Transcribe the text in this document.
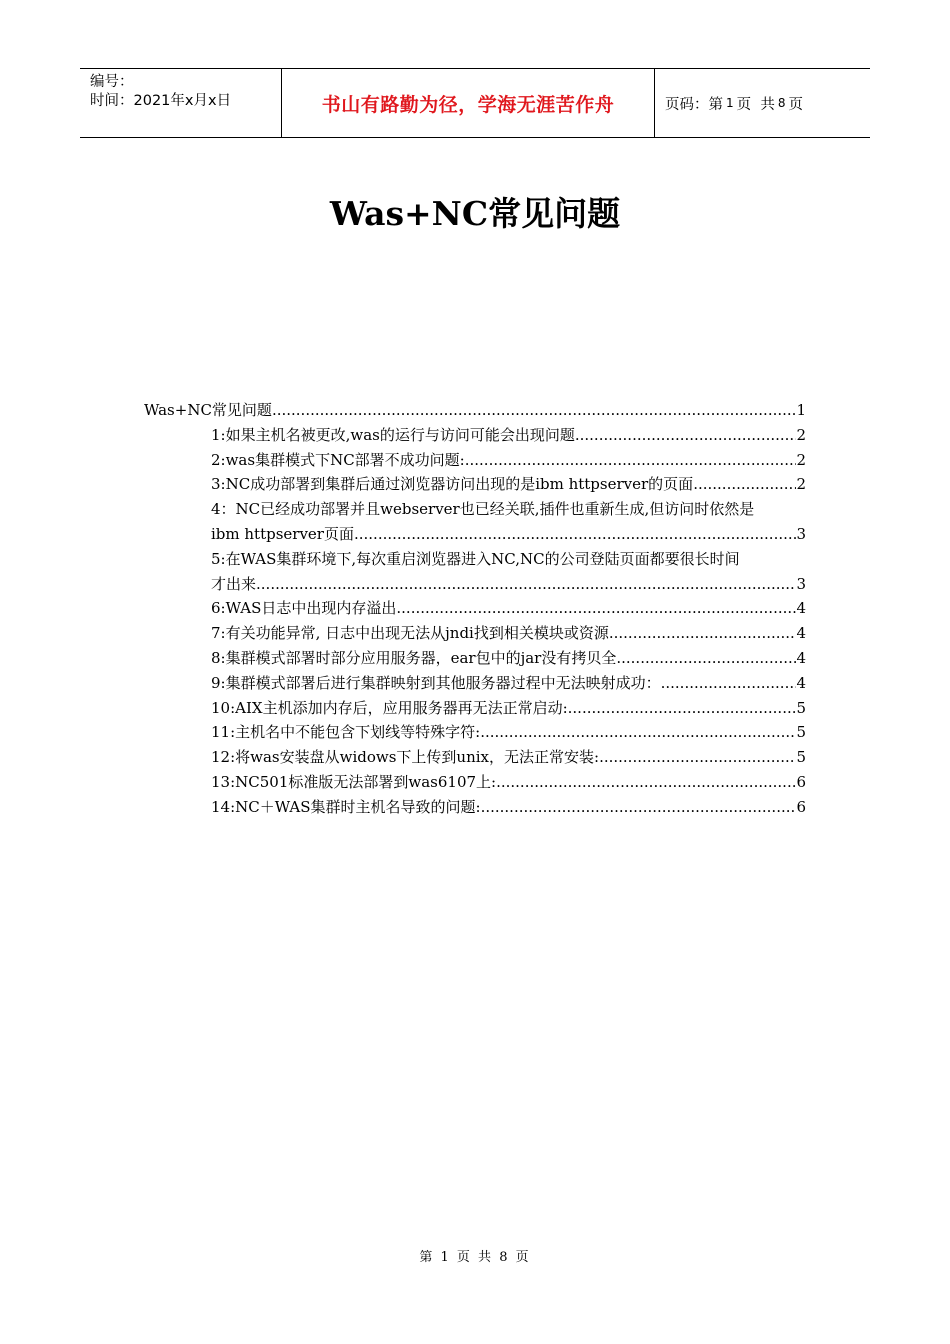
编号：
时间：2021年x月x日	书山有路勤为径，学海无涯苦作舟	页码：第 1 页  共 8 页
Was+NC常见问题
Was+NC常见问题 .....	1
1:如果主机名被更改,was的运行与访问可能会出现问题 .....	2
2:was集群模式下NC部署不成功问题: .....	2
3:NC成功部署到集群后通过浏览器访问出现的是ibm httpserver的页面 .....	2
4：NC已经成功部署并且webserver也已经关联,插件也重新生成,但访问时依然是
ibm httpserver页面 .....	3
5:在WAS集群环境下,每次重启浏览器进入NC,NC的公司登陆页面都要很长时间
才出来 .....	3
6:WAS日志中出现内存溢出 .....	4
7:有关功能异常, 日志中出现无法从jndi找到相关模块或资源 .....	4
8:集群模式部署时部分应用服务器，ear包中的jar没有拷贝全 .....	4
9:集群模式部署后进行集群映射到其他服务器过程中无法映射成功： .....	4
10:AIX主机添加内存后，应用服务器再无法正常启动: .....	5
11:主机名中不能包含下划线等特殊字符: .....	5
12:将was安装盘从widows下上传到unix，无法正常安装: .....	5
13:NC501标准版无法部署到was6107上: .....	6
14:NC＋WAS集群时主机名导致的问题: .....	6
第 1 页 共 8 页
